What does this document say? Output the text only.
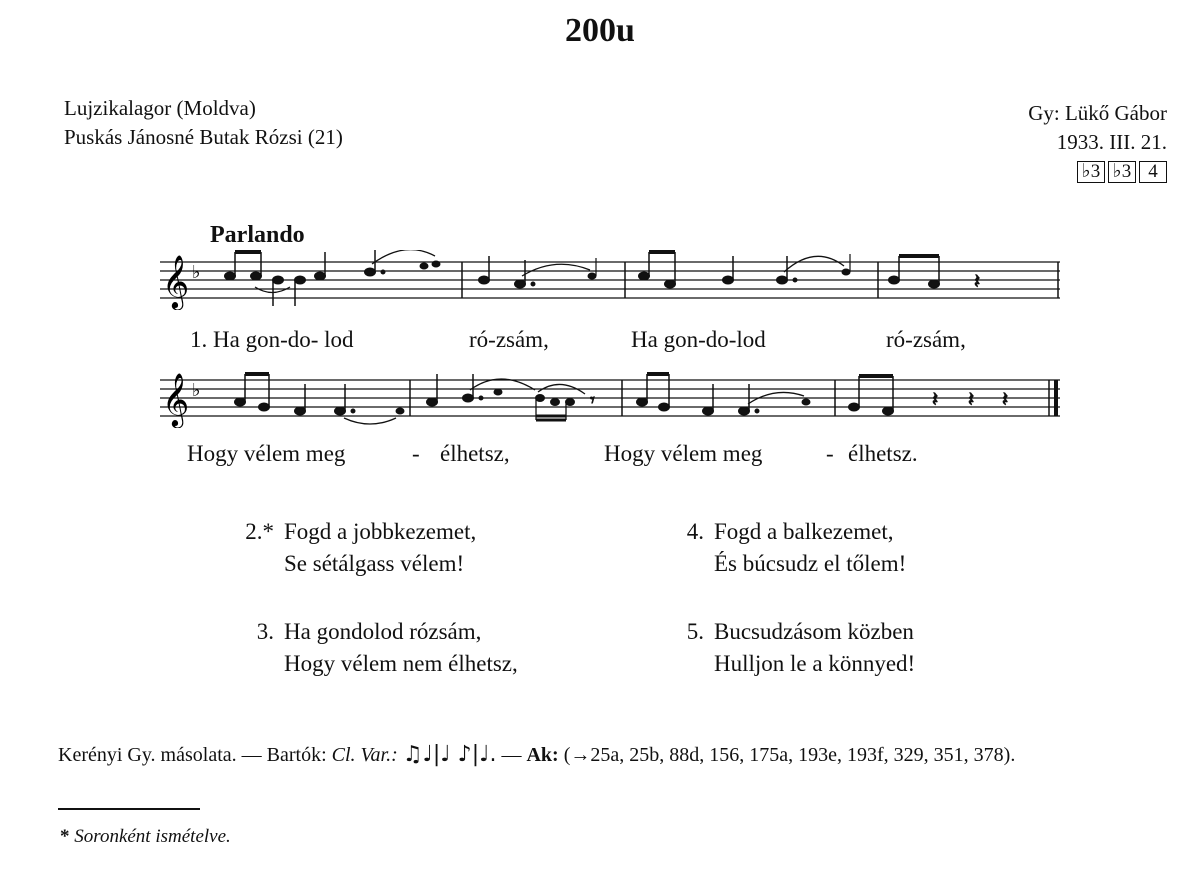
200u
Lujzikalagor (Moldva)
Puskás Jánosné Butak Rózsi (21)
Gy: Lükő Gábor
1933. III. 21.
♭3 ♭3 4
Parlando
𝄞 ♭	𝄽
1. Ha gon-do- lod	ró-zsám,	Ha gon-do-lod	ró-zsám,
𝄞 ♭	𝄾	𝄽 𝄽 𝄽
Hogy vélem meg	- élhetsz,	Hogy vélem meg	- élhetsz.
2.* Fogd a jobbkezemet,
Se sétálgass vélem!
3. Ha gondolod rózsám,
Hogy vélem nem élhetsz,
4. Fogd a balkezemet,
És búcsudz el tőlem!
5. Bucsudzásom közben
Hulljon le a könnyed!
Kerényi Gy. másolata. — Bartók: Cl. Var.: ♫♩|♩ ♪|♩. — Ak: (→25a, 25b, 88d, 156, 175a, 193e, 193f, 329, 351, 378).
* Soronként ismételve.
